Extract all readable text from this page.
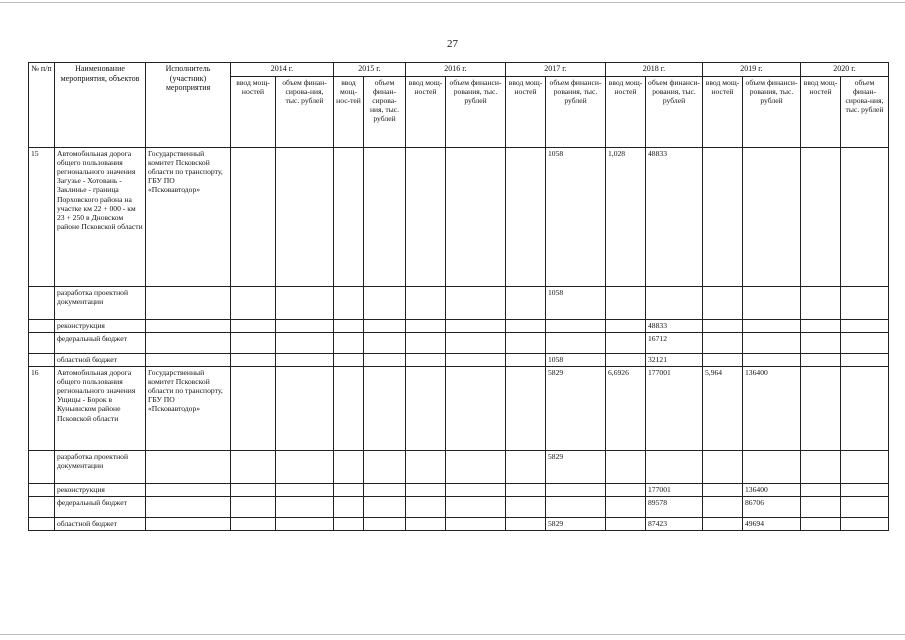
27
№ п/п	Наименование мероприятия, объектов	Исполнитель (участник) мероприятия	2014 г.		2015 г.		2016 г.		2017 г.		2018 г.		2019 г.		2020 г.	
			ввод мощ-ностей	объем финан-сирова-ния, тыс. рублей	ввод мощ-нос-тей	объем финан-сирова-ния, тыс. рублей	ввод мощ-ностей	объем финанси-рования, тыс. рублей	ввод мощ-ностей	объем финанси-рования, тыс. рублей	ввод мощ-ностей	объем финанси-рования, тыс. рублей	ввод мощ-ностей	объем финанси-рования, тыс. рублей	ввод мощ-ностей	объем финан-сирова-ния, тыс. рублей
15	Автомобильная дорога общего пользования регионального значения Загузье - Хотовань - Заклинье - граница Порховского района на участке км 22 + 000 - км 23 + 250 в Дновском районе Псковской области	Государственный комитет Псковской области по транспорту, ГБУ ПО «Псковавтодор»								1058	1,028	48833				
	разработка проектной документации									1058						
	реконструкция											48833				
	федеральный бюджет											16712				
	областной бюджет									1058		32121				
16	Автомобильная дорога общего пользования регионального значения Ущицы - Борок в Куньинском районе Псковской области	Государственный комитет Псковской области по транспорту, ГБУ ПО «Псковавтодор»								5829	6,6926	177001	5,964	136400		
	разработка проектной документации									5829						
	реконструкция											177001		136400		
	федеральный бюджет											89578		86706		
	областной бюджет									5829		87423		49694		
